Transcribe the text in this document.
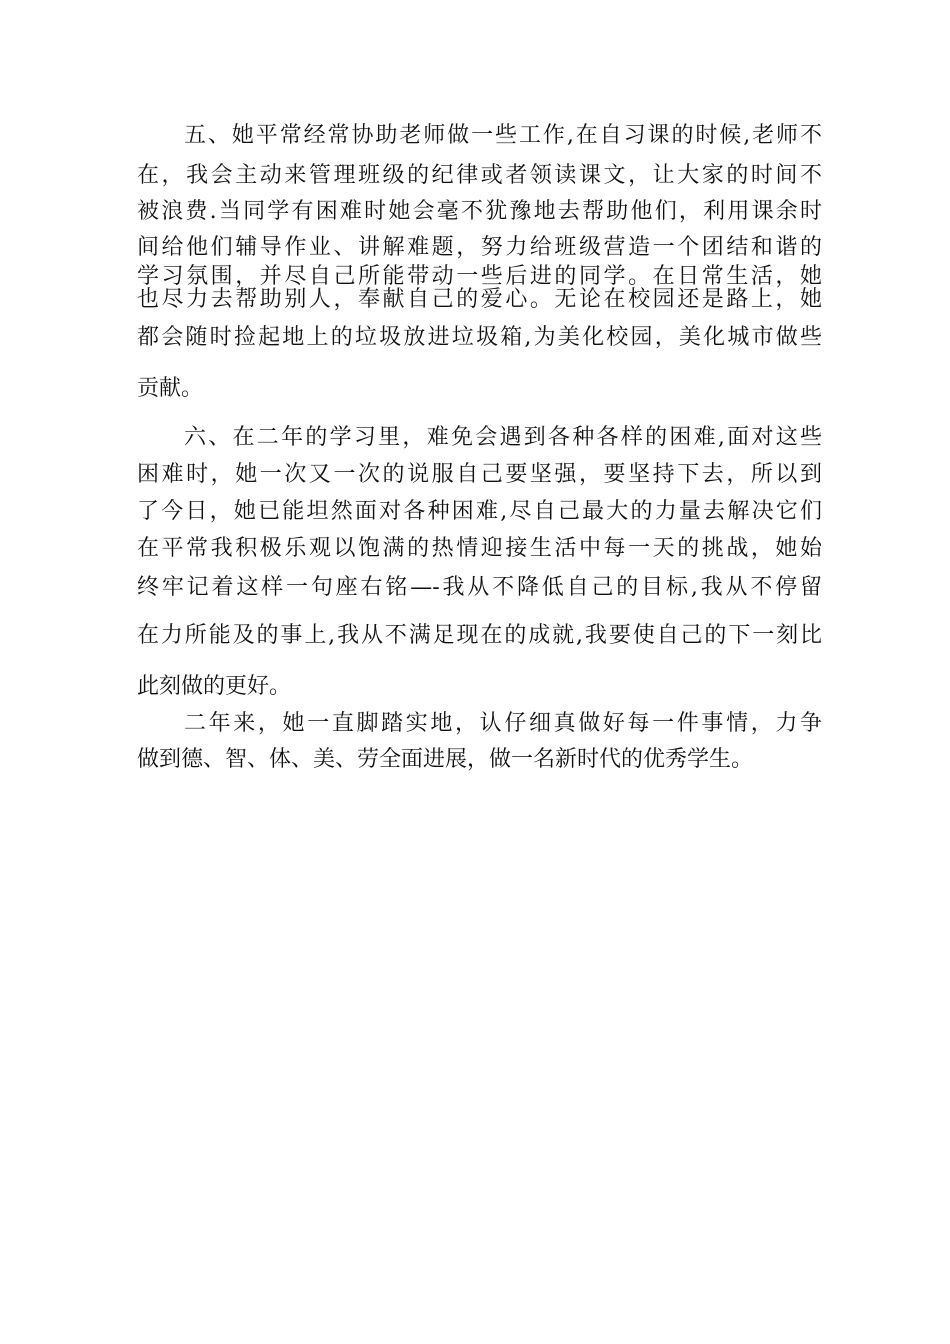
五、她平常经常协助老师做一些工作,在自习课的时候,老师不
在，我会主动来管理班级的纪律或者领读课文，让大家的时间不
被浪费.当同学有困难时她会毫不犹豫地去帮助他们，利用课余时
间给他们辅导作业、讲解难题，努力给班级营造一个团结和谐的
学习氛围，并尽自己所能带动一些后进的同学。在日常生活，她
也尽力去帮助别人，奉献自己的爱心。无论在校园还是路上，她
都会随时捡起地上的垃圾放进垃圾箱,为美化校园，美化城市做些
贡献。
六、在二年的学习里，难免会遇到各种各样的困难,面对这些
困难时，她一次又一次的说服自己要坚强，要坚持下去，所以到
了今日，她已能坦然面对各种困难,尽自己最大的力量去解决它们
在平常我积极乐观以饱满的热情迎接生活中每一天的挑战，她始
终牢记着这样一句座右铭—-我从不降低自己的目标,我从不停留
在力所能及的事上,我从不满足现在的成就,我要使自己的下一刻比
此刻做的更好。
二年来，她一直脚踏实地，认仔细真做好每一件事情，力争
做到德、智、体、美、劳全面进展，做一名新时代的优秀学生。
